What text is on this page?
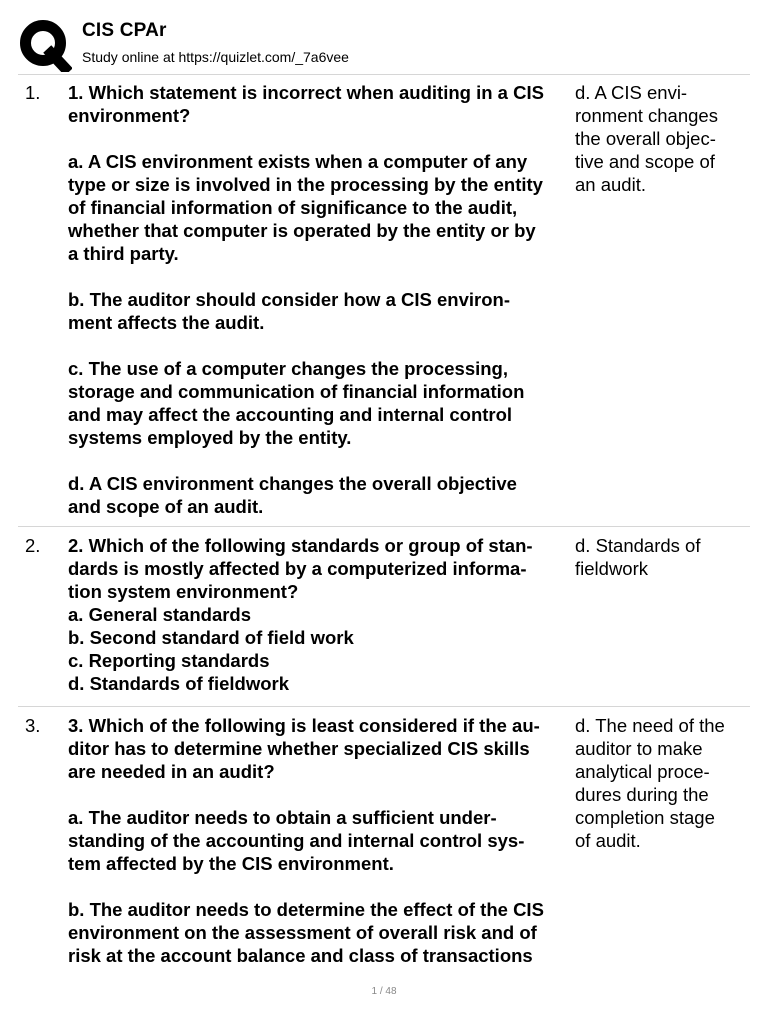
CIS CPAr
Study online at https://quizlet.com/_7a6vee
1. 1. Which statement is incorrect when auditing in a CIS
environment?

a. A CIS environment exists when a computer of any
type or size is involved in the processing by the entity
of financial information of significance to the audit,
whether that computer is operated by the entity or by
a third party.

b. The auditor should consider how a CIS environ-
ment affects the audit.

c. The use of a computer changes the processing,
storage and communication of financial information
and may affect the accounting and internal control
systems employed by the entity.

d. A CIS environment changes the overall objective
and scope of an audit.
d. A CIS envi-
ronment changes
the overall objec-
tive and scope of
an audit.
2. 2. Which of the following standards or group of stan-
dards is mostly affected by a computerized informa-
tion system environment?
a. General standards
b. Second standard of field work
c. Reporting standards
d. Standards of fieldwork
d. Standards of
fieldwork
3. 3. Which of the following is least considered if the au-
ditor has to determine whether specialized CIS skills
are needed in an audit?

a. The auditor needs to obtain a sufficient under-
standing of the accounting and internal control sys-
tem affected by the CIS environment.

b. The auditor needs to determine the effect of the CIS
environment on the assessment of overall risk and of
risk at the account balance and class of transactions
d. The need of the
auditor to make
analytical proce-
dures during the
completion stage
of audit.
1 / 48
